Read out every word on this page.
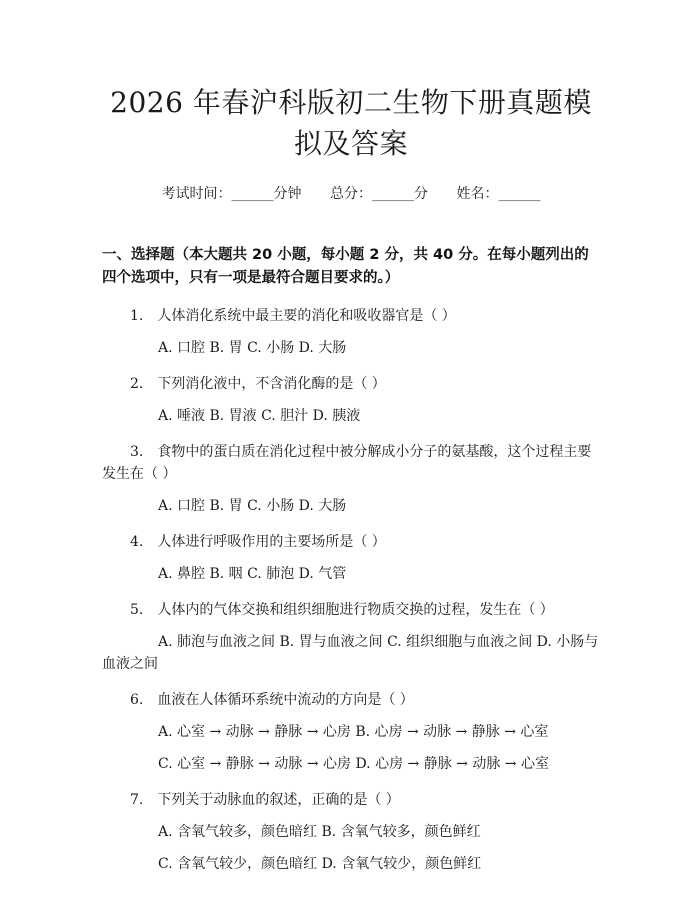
2026 年春沪科版初二生物下册真题模拟及答案
考试时间：______分钟 总分：______分 姓名：______
一、选择题（本大题共 20 小题，每小题 2 分，共 40 分。在每小题列出的四个选项中，只有一项是最符合题目要求的。）
1.　人体消化系统中最主要的消化和吸收器官是（ ）
A. 口腔 B. 胃 C. 小肠 D. 大肠
2.　下列消化液中，不含消化酶的是（ ）
A. 唾液 B. 胃液 C. 胆汁 D. 胰液
3.　食物中的蛋白质在消化过程中被分解成小分子的氨基酸，这个过程主要发生在（ ）
A. 口腔 B. 胃 C. 小肠 D. 大肠
4.　人体进行呼吸作用的主要场所是（ ）
A. 鼻腔 B. 咽 C. 肺泡 D. 气管
5.　人体内的气体交换和组织细胞进行物质交换的过程，发生在（ ）
A. 肺泡与血液之间 B. 胃与血液之间 C. 组织细胞与血液之间 D. 小肠与血液之间
6.　血液在人体循环系统中流动的方向是（ ）
A. 心室 → 动脉 → 静脉 → 心房 B. 心房 → 动脉 → 静脉 → 心室
C. 心室 → 静脉 → 动脉 → 心房 D. 心房 → 静脉 → 动脉 → 心室
7.　下列关于动脉血的叙述，正确的是（ ）
A. 含氧气较多，颜色暗红 B. 含氧气较多，颜色鲜红
C. 含氧气较少，颜色暗红 D. 含氧气较少，颜色鲜红
